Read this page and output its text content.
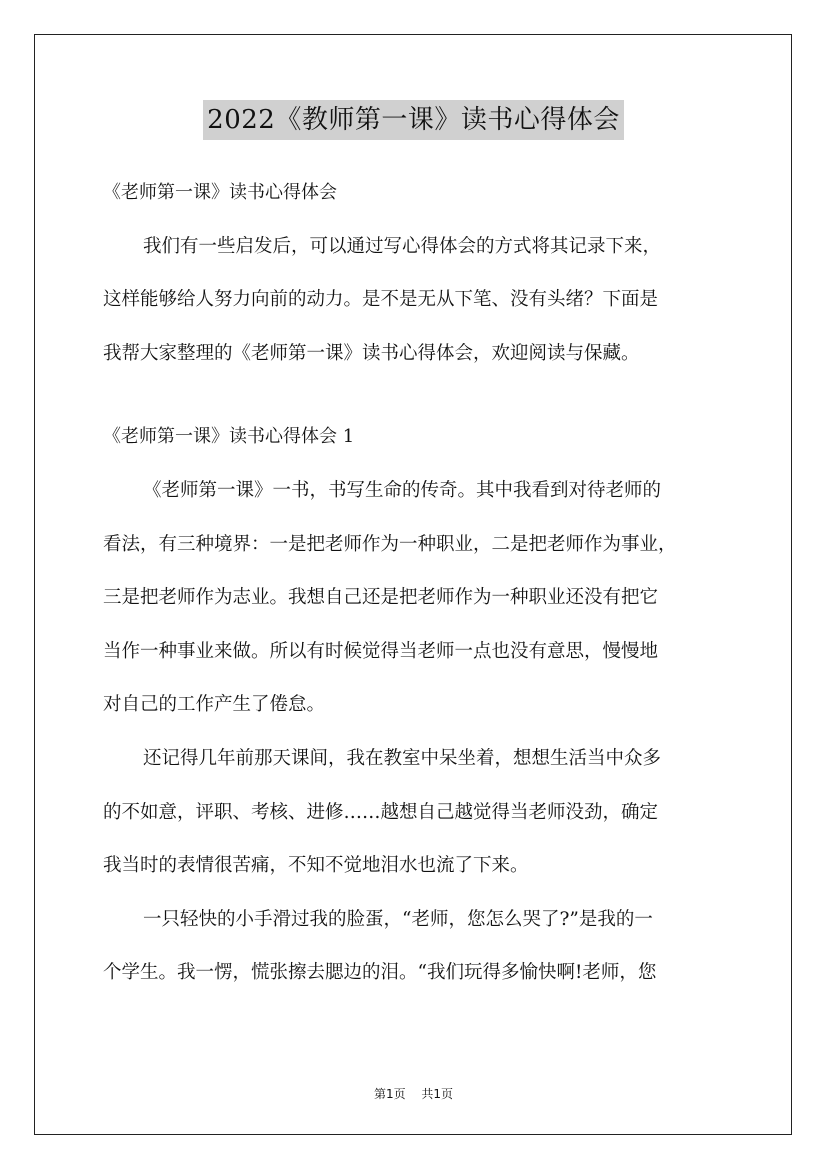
2022《教师第一课》读书心得体会
《老师第一课》读书心得体会
我们有一些启发后，可以通过写心得体会的方式将其记录下来，
这样能够给人努力向前的动力。是不是无从下笔、没有头绪？下面是
我帮大家整理的《老师第一课》读书心得体会，欢迎阅读与保藏。
《老师第一课》读书心得体会 1
《老师第一课》一书，书写生命的传奇。其中我看到对待老师的
看法，有三种境界：一是把老师作为一种职业，二是把老师作为事业，
三是把老师作为志业。我想自己还是把老师作为一种职业还没有把它
当作一种事业来做。所以有时候觉得当老师一点也没有意思，慢慢地
对自己的工作产生了倦怠。
还记得几年前那天课间，我在教室中呆坐着，想想生活当中众多
的不如意，评职、考核、进修……越想自己越觉得当老师没劲，确定
我当时的表情很苦痛，不知不觉地泪水也流了下来。
一只轻快的小手滑过我的脸蛋，“老师，您怎么哭了?”是我的一
个学生。我一愣，慌张擦去腮边的泪。“我们玩得多愉快啊!老师，您
第1页 共1页
